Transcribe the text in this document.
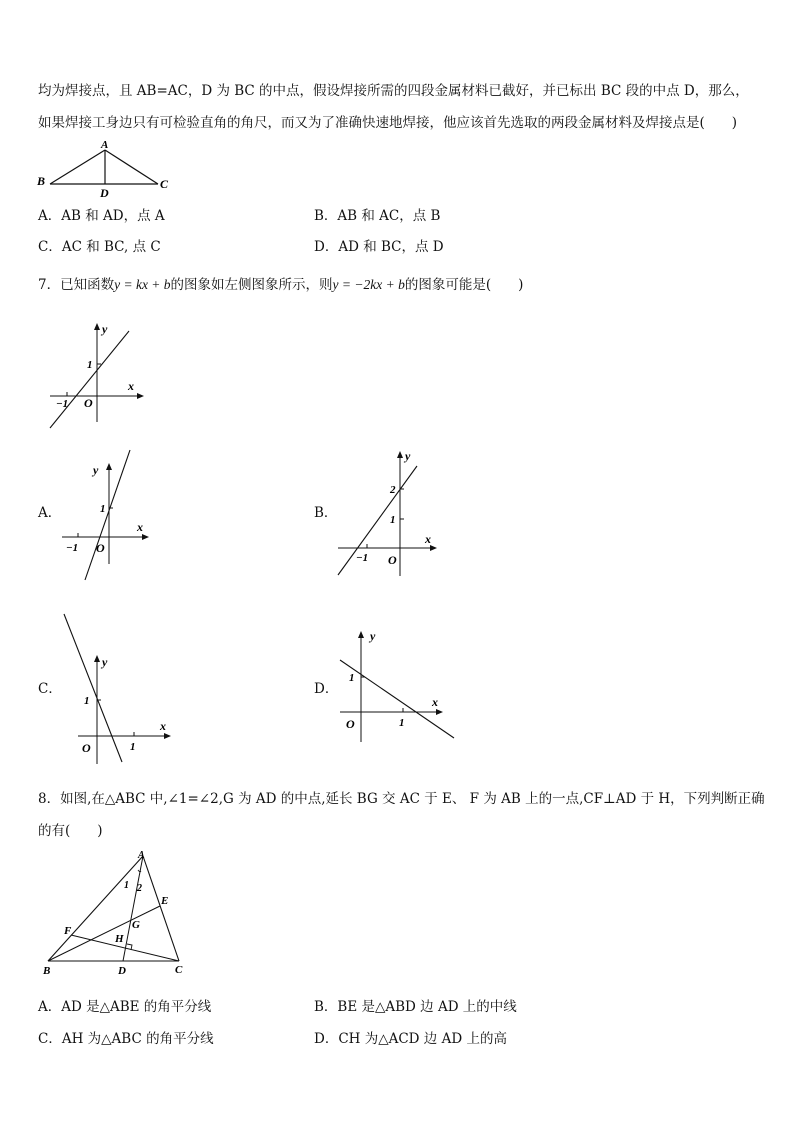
均为焊接点，且 AB=AC，D 为 BC 的中点，假设焊接所需的四段金属材料已截好，并已标出 BC 段的中点 D，那么，
如果焊接工身边只有可检验直角的角尺，而又为了准确快速地焊接，他应该首先选取的两段金属材料及焊接点是(　　)
A
B	C
D
A．AB 和 AD，点 A	B．AB 和 AC，点 B
C．AC 和 BC, 点 C	D．AD 和 BC，点 D
7．已知函数y = kx + b的图象如左侧图象所示，则y = −2kx + b的图象可能是(　　)
y
x
O
1
−1
A．
y
x
O
1
−1
B．
y
x
O
1
2
−1
C．
y
x
O
1
1
D．
y
x
O
1
1
8．如图,在△ABC 中,∠1=∠2,G 为 AD 的中点,延长 BG 交 AC 于 E、 F 为 AB 上的一点,CF⊥AD 于 H，下列判断正确
的有(　　)
A
B	C
D
E
F	G
H
1 2
A．AD 是△ABE 的角平分线	B．BE 是△ABD 边 AD 上的中线
C．AH 为△ABC 的角平分线	D．CH 为△ACD 边 AD 上的高
